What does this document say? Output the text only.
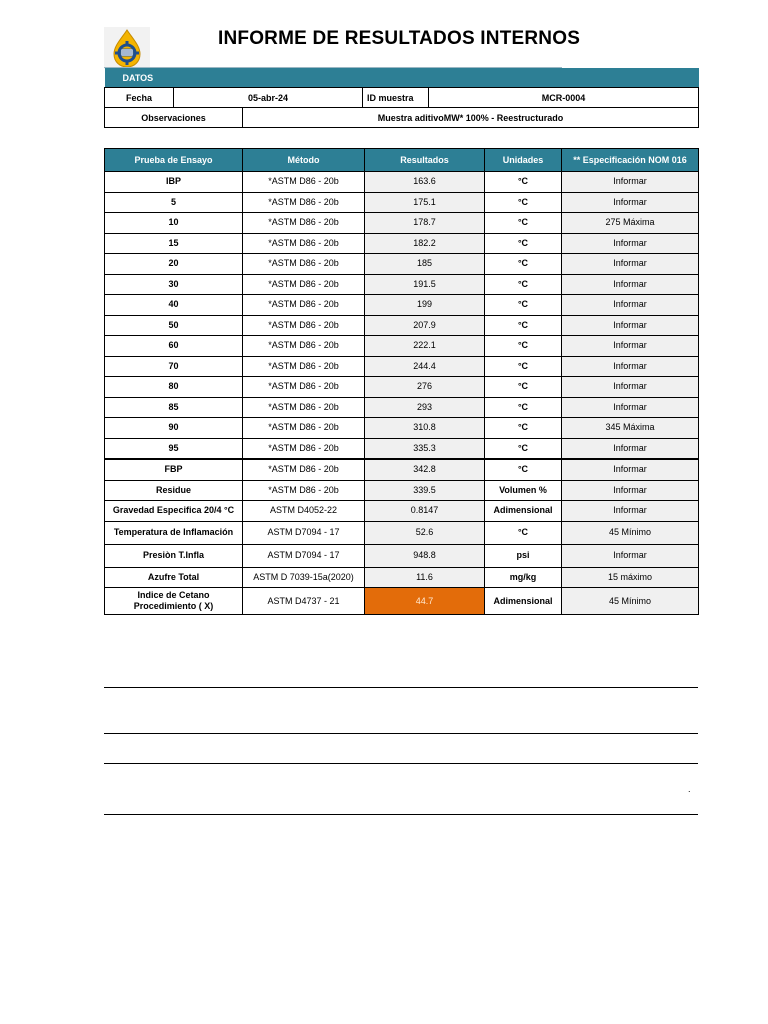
INFORME DE RESULTADOS INTERNOS
DATOS				
Fecha	05-abr-24		ID muestra	MCR-0004
Observaciones		Muestra aditivoMW* 100% - Reestructurado		
Prueba de Ensayo	Método	Resultados	Unidades	** Especificación NOM 016
IBP	*ASTM D86 - 20b	163.6	°C	Informar
5	*ASTM D86 - 20b	175.1	°C	Informar
10	*ASTM D86 - 20b	178.7	°C	275 Máxima
15	*ASTM D86 - 20b	182.2	°C	Informar
20	*ASTM D86 - 20b	185	°C	Informar
30	*ASTM D86 - 20b	191.5	°C	Informar
40	*ASTM D86 - 20b	199	°C	Informar
50	*ASTM D86 - 20b	207.9	°C	Informar
60	*ASTM D86 - 20b	222.1	°C	Informar
70	*ASTM D86 - 20b	244.4	°C	Informar
80	*ASTM D86 - 20b	276	°C	Informar
85	*ASTM D86 - 20b	293	°C	Informar
90	*ASTM D86 - 20b	310.8	°C	345 Máxima
95	*ASTM D86 - 20b	335.3	°C	Informar
FBP	*ASTM D86 - 20b	342.8	°C	Informar
Residue	*ASTM D86 - 20b	339.5	Volumen %	Informar
Gravedad Especifica 20/4 °C	ASTM D4052-22	0.8147	Adimensional	Informar
Temperatura de Inflamación	ASTM D7094 - 17	52.6	°C	45 Mínimo
Presiòn T.Infla	ASTM D7094 - 17	948.8	psi	Informar
Azufre Total	ASTM D 7039-15a(2020)	11.6	mg/kg	15 máximo
Indice de Cetano Procedimiento ( X)	ASTM D4737 - 21	44.7	Adimensional	45 Mínimo
.
